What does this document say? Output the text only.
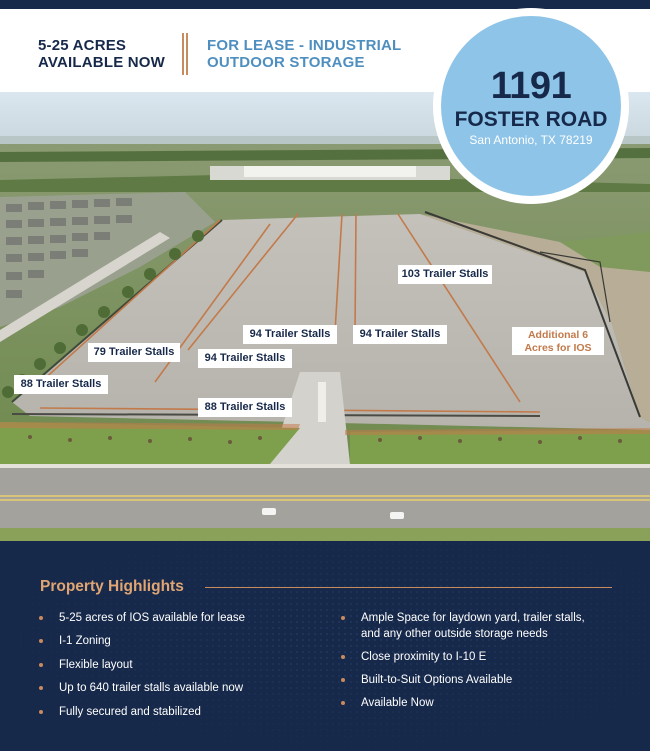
5-25 ACRES
AVAILABLE NOW
FOR LEASE - INDUSTRIAL
OUTDOOR STORAGE
103 Trailer Stalls
94 Trailer Stalls	94 Trailer Stalls
94 Trailer Stalls
79 Trailer Stalls
88 Trailer Stalls
88 Trailer Stalls
Additional 6
Acres for IOS
1191
FOSTER ROAD
San Antonio, TX 78219
Property Highlights
5-25 acres of IOS available for lease
I-1 Zoning
Flexible layout
Up to 640 trailer stalls available now
Fully secured and stabilized
Ample Space for laydown yard, trailer stalls,
and any other outside storage needs
Close proximity to I-10 E
Built-to-Suit Options Available
Available Now
